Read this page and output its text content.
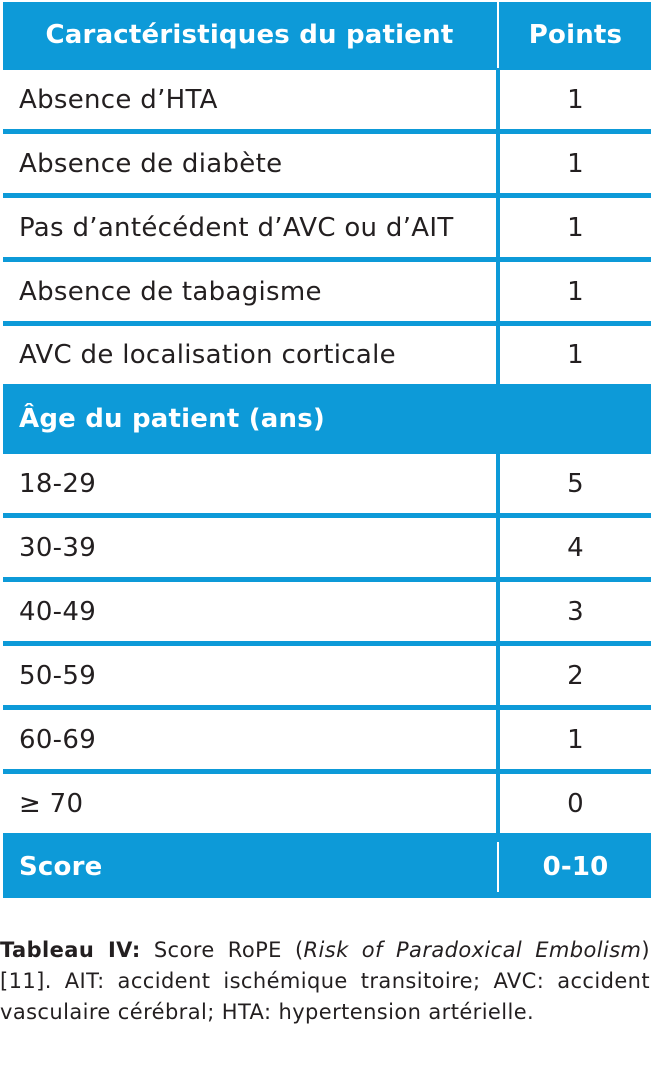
Caractéristiques du patient	Points
Absence d’HTA	1
Absence de diabète	1
Pas d’antécédent d’AVC ou d’AIT	1
Absence de tabagisme	1
AVC de localisation corticale	1
Âge du patient (ans)
18-29	5
30-39	4
40-49	3
50-59	2
60-69	1
≥ 70	0
Score	0-10
Tableau IV: Score RoPE (Risk of Paradoxical Embolism) [11]. AIT: accident ischémique transitoire; AVC: accident vasculaire cérébral; HTA: hypertension artérielle.
